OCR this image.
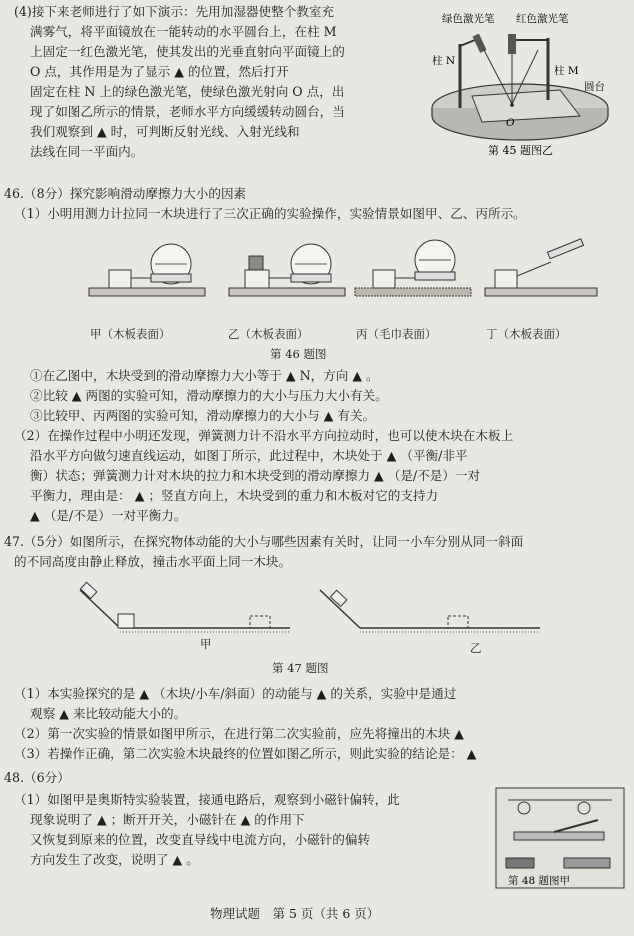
(4)接下来老师进行了如下演示：先用加湿器使整个教室充
满雾气，将平面镜放在一能转动的水平圆台上，在柱 M
上固定一红色激光笔，使其发出的光垂直射向平面镜上的
O 点，其作用是为了显示 ▲ 的位置，然后打开
固定在柱 N 上的绿色激光笔，使绿色激光射向 O 点，出
现了如图乙所示的情景，老师水平方向缓缓转动圆台，当
我们观察到 ▲ 时，可判断反射光线、入射光线和
法线在同一平面内。
绿色激光笔 红色激光笔
柱 N
柱 M
圆台
O
第 45 题图乙
46.（8分）探究影响滑动摩擦力大小的因素
（1）小明用测力计拉同一木块进行了三次正确的实验操作，实验情景如图甲、乙、丙所示。
甲（木板表面）	乙（木板表面）	丙（毛巾表面）	丁（木板表面）
第 46 题图
①在乙图中，木块受到的滑动摩擦力大小等于 ▲ N，方向 ▲ 。
②比较 ▲ 两图的实验可知，滑动摩擦力的大小与压力大小有关。
③比较甲、丙两图的实验可知，滑动摩擦力的大小与 ▲ 有关。
（2）在操作过程中小明还发现，弹簧测力计不沿水平方向拉动时，也可以使木块在木板上
沿水平方向做匀速直线运动，如图丁所示，此过程中，木块处于 ▲ （平衡/非平
衡）状态；弹簧测力计对木块的拉力和木块受到的滑动摩擦力 ▲ （是/不是）一对
平衡力，理由是： ▲ ；竖直方向上，木块受到的重力和木板对它的支持力
▲ （是/不是）一对平衡力。
47.（5分）如图所示，在探究物体动能的大小与哪些因素有关时，让同一小车分别从同一斜面
的不同高度由静止释放，撞击水平面上同一木块。
甲	乙
第 47 题图
（1）本实验探究的是 ▲ （木块/小车/斜面）的动能与 ▲ 的关系，实验中是通过
观察 ▲ 来比较动能大小的。
（2）第一次实验的情景如图甲所示，在进行第二次实验前，应先将撞出的木块 ▲
（3）若操作正确，第二次实验木块最终的位置如图乙所示，则此实验的结论是： ▲
48.（6分）
（1）如图甲是奥斯特实验装置，接通电路后，观察到小磁针偏转，此
现象说明了 ▲ ；断开开关，小磁针在 ▲ 的作用下
又恢复到原来的位置，改变直导线中电流方向，小磁针的偏转
方向发生了改变，说明了 ▲ 。
第 48 题图甲
物理试题　第 5 页（共 6 页）
